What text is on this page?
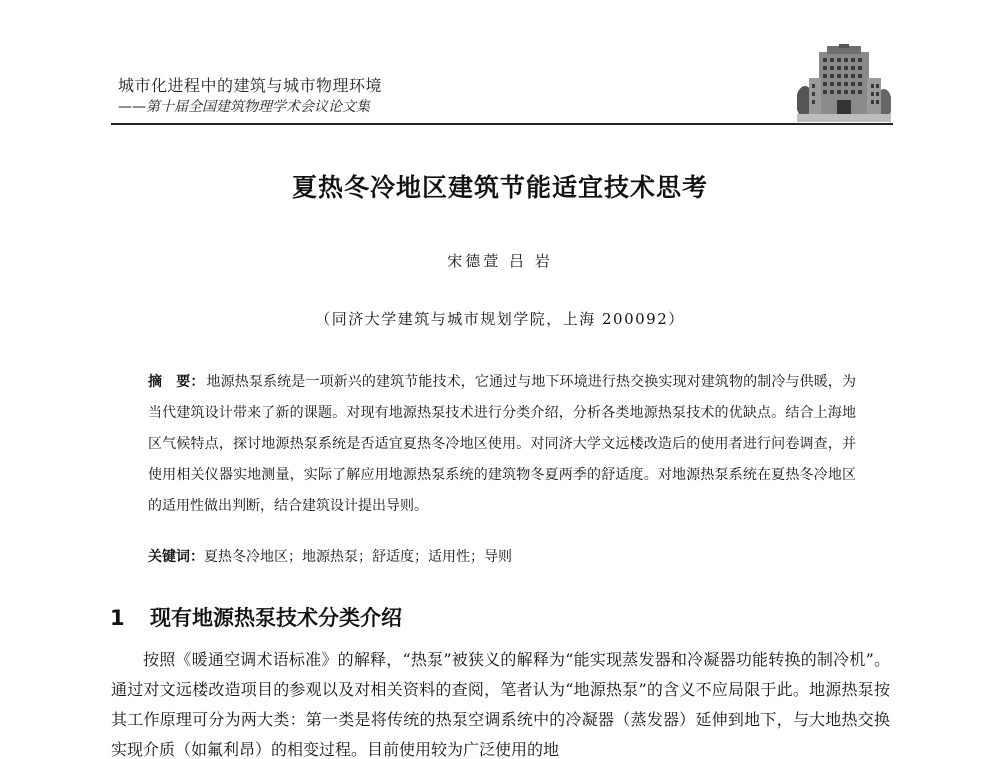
城市化进程中的建筑与城市物理环境
——第十届全国建筑物理学术会议论文集
夏热冬冷地区建筑节能适宜技术思考
宋德萱 吕 岩
（同济大学建筑与城市规划学院，上海 200092）
摘　要： 地源热泵系统是一项新兴的建筑节能技术，它通过与地下环境进行热交换实现对建筑物的制冷与供暖，为当代建筑设计带来了新的课题。对现有地源热泵技术进行分类介绍，分析各类地源热泵技术的优缺点。结合上海地区气候特点，探讨地源热泵系统是否适宜夏热冬冷地区使用。对同济大学文远楼改造后的使用者进行问卷调查，并使用相关仪器实地测量，实际了解应用地源热泵系统的建筑物冬夏两季的舒适度。对地源热泵系统在夏热冬冷地区的适用性做出判断，结合建筑设计提出导则。
关键词：夏热冬冷地区；地源热泵；舒适度；适用性；导则
1 现有地源热泵技术分类介绍
按照《暖通空调术语标准》的解释，“热泵”被狭义的解释为“能实现蒸发器和冷凝器功能转换的制冷机”。通过对文远楼改造项目的参观以及对相关资料的查阅，笔者认为“地源热泵”的含义不应局限于此。地源热泵按其工作原理可分为两大类：第一类是将传统的热泵空调系统中的冷凝器（蒸发器）延伸到地下，与大地热交换实现介质（如氟利昂）的相变过程。目前使用较为广泛使用的地
